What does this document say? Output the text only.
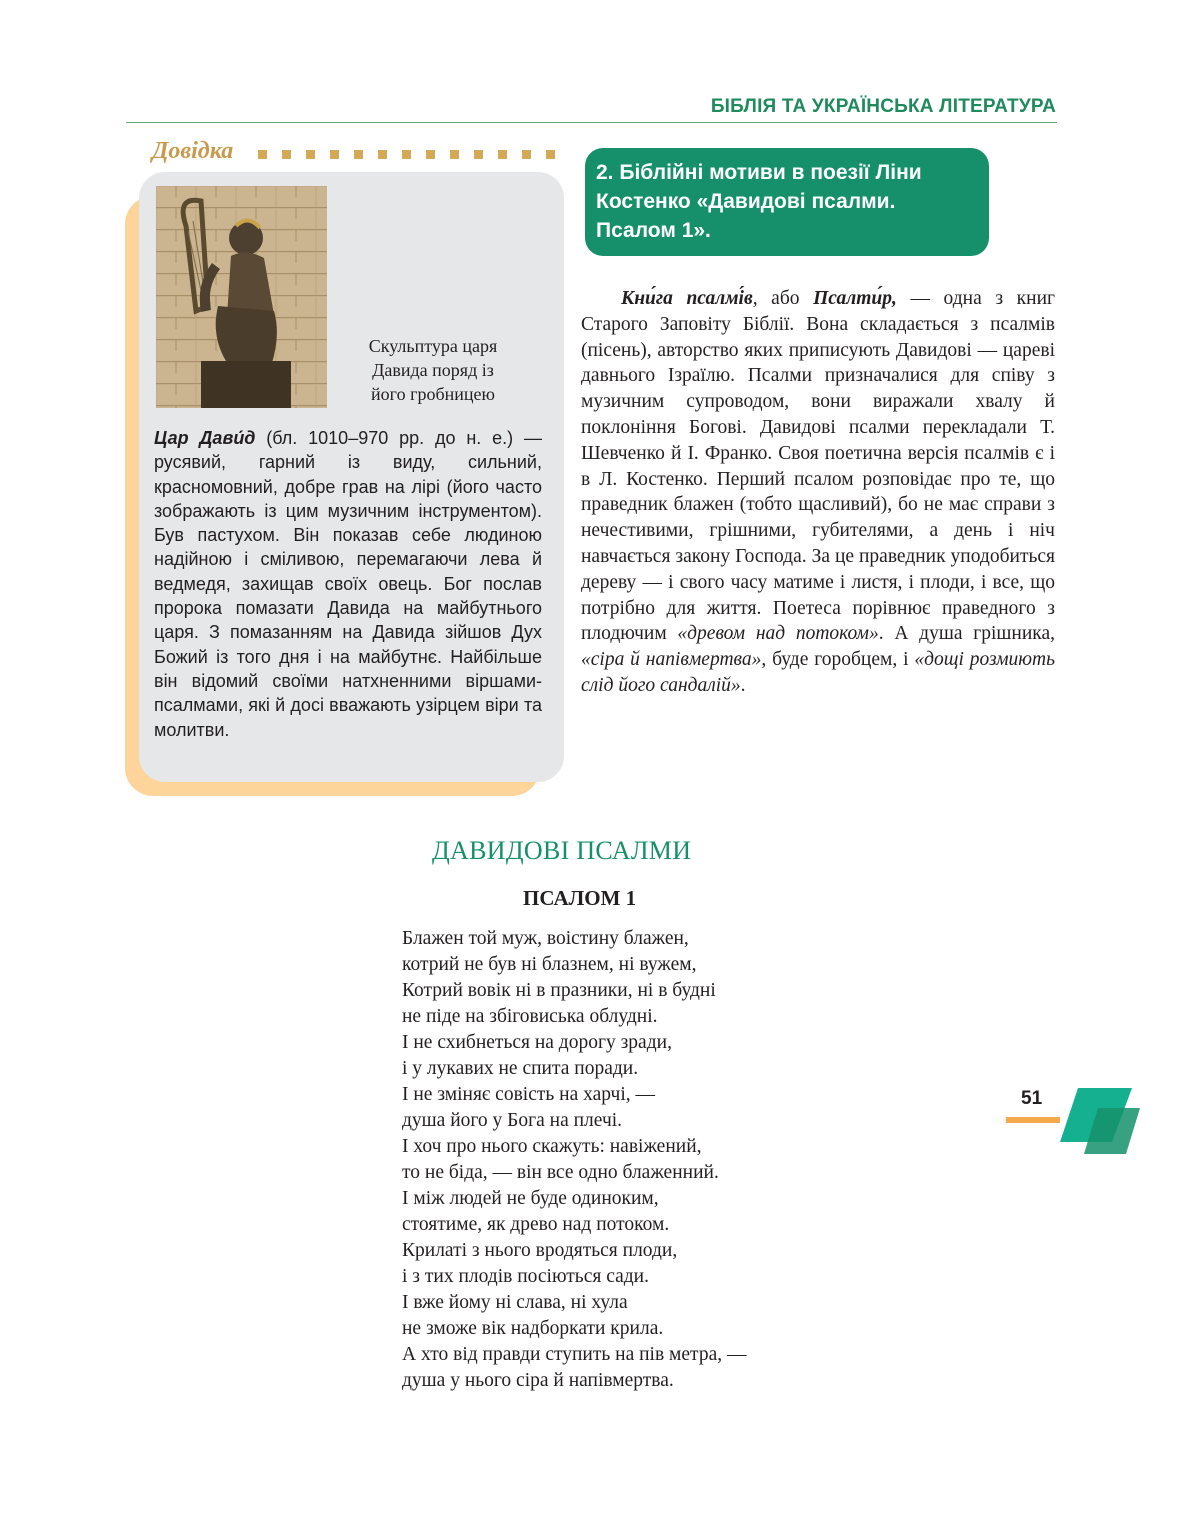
БІБЛІЯ ТА УКРАЇНСЬКА ЛІТЕРАТУРА
Довідка
Скульптура царя
Давида поряд із
його гробницею
Цар Дави́д (бл. 1010–970 рр. до н. е.) — русявий, гарний із виду, сильний, красномовний, добре грав на лірі (його часто зображають із цим музичним інструментом). Був пастухом. Він показав себе людиною надійною і сміливою, перемагаючи лева й ведмедя, захищав своїх овець. Бог послав пророка помазати Давида на майбутнього царя. З помазанням на Давида зійшов Дух Божий із того дня і на майбутнє. Найбільше він відомий своїми натхненними віршами-псалмами, які й досі вважають узірцем віри та молитви.
2. Біблійні мотиви в поезії Ліни Костенко «Давидові псалми. Псалом 1».
Кни́га псалмі́в, або Псалти́р, — одна з книг Старого Заповіту Біблії. Вона складається з псалмів (пісень), авторство яких приписують Давидові — цареві давнього Ізраїлю. Псалми призначалися для співу з музичним супроводом, вони виражали хвалу й поклоніння Богові. Давидові псалми перекладали Т. Шевченко й І. Франко. Своя поетична версія псалмів є і в Л. Костенко. Перший псалом розповідає про те, що праведник блажен (тобто щасливий), бо не має справи з нечестивими, грішними, губителями, а день і ніч навчається закону Господа. За це праведник уподобиться дереву — і свого часу матиме і листя, і плоди, і все, що потрібно для життя. Поетеса порівнює праведного з плодючим «древом над потоком». А душа грішника, «сіра й напівмертва», буде горобцем, і «дощі розмиють слід його сандалій».
ДАВИДОВІ ПСАЛМИ
ПСАЛОМ 1
Блажен той муж, воістину блажен,
котрий не був ні блазнем, ні вужем,
Котрий вовік ні в празники, ні в будні
не піде на збіговиська облудні.
І не схибнеться на дорогу зради,
і у лукавих не спита поради.
І не зміняє совість на харчі, —
душа його у Бога на плечі.
І хоч про нього скажуть: навіжений,
то не біда, — він все одно блаженний.
І між людей не буде одиноким,
стоятиме, як древо над потоком.
Крилаті з нього вродяться плоди,
і з тих плодів посіються сади.
І вже йому ні слава, ні хула
не зможе вік надборкати крила.
А хто від правди ступить на пів метра, —
душа у нього сіра й напівмертва.
51
